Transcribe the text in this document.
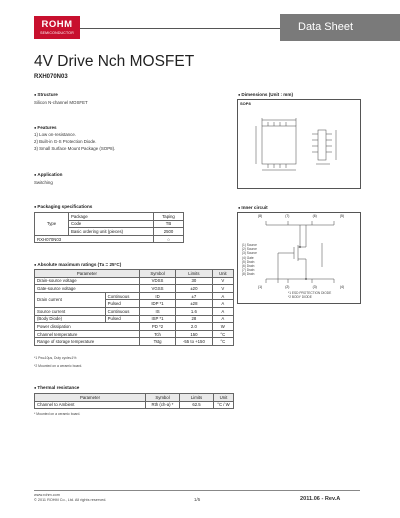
ROHM
SEMICONDUCTOR	Data Sheet
4V Drive Nch MOSFET
RXH070N03
●Structure
Silicon N-channel MOSFET
●Dimensions (Unit : mm)
SOP8
●Features
1) Low on-resistance.
2) Built-in G-S Protection Diode.
3) Small Surface Mount Package (SOP8).
●Application
Switching
●Packaging specifications
Type	Package	Taping
	Code	TB
	Basic ordering unit (pieces)	2500
RXH070N03		○
●Inner circuit
(8)	(7)	(6)	(5)
(1)	(2)	(3)	(4)
(1) Source
(2) Source
(3) Source
(4) Gate
(5) Drain
(6) Drain
(7) Drain
(8) Drain
*1 ESD PROTECTION DIODE
*2 BODY DIODE
●Absolute maximum ratings (Ta = 25°C)
Parameter		Symbol	Limits	Unit
Drain-source voltage		VDSS	30	V
Gate-source voltage		VGSS	±20	V
Drain current	Continuous	ID	±7	A
	Pulsed	IDP *1	±28	A
Source current	Continuous	IS	1.6	A
(Body Diode)	Pulsed	ISP *1	28	A
Power dissipation		PD *2	2.0	W
Channel temperature		Tch	150	°C
Range of storage temperature		Tstg	-55 to +150	°C
*1 Pw≤10μs, Duty cycle≤1%
*2 Mounted on a ceramic board.
●Thermal resistance
Parameter	Symbol	Limits	Unit
Channel to Ambient	Rth (ch-a) *	62.5	°C / W
* Mounted on a ceramic board.
www.rohm.com
© 2011 ROHM Co., Ltd. All rights reserved.	1/5	2011.06 - Rev.A
